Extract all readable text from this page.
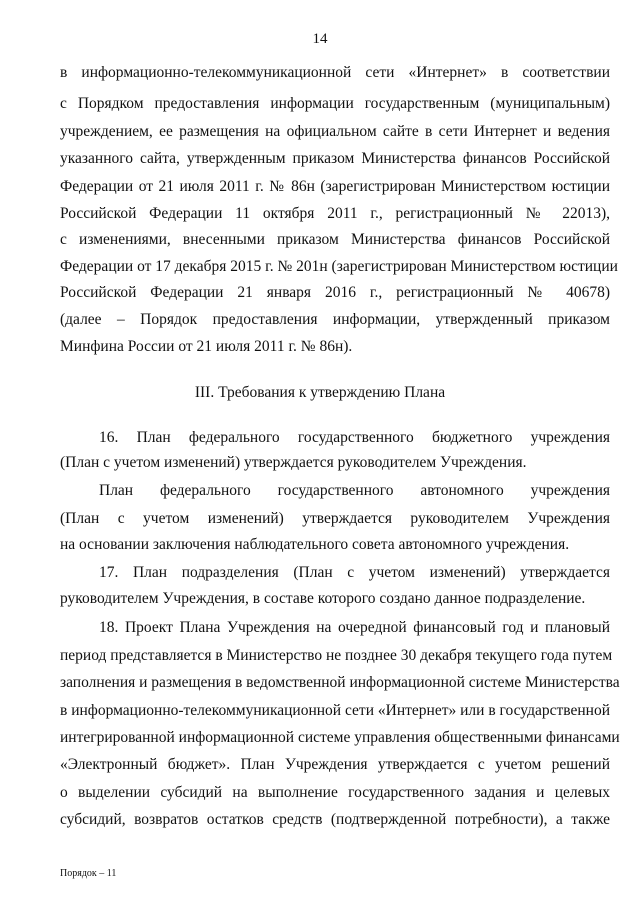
14
в информационно-телекоммуникационной сети «Интернет» в соответствии
с Порядком предоставления информации государственным (муниципальным)
учреждением, ее размещения на официальном сайте в сети Интернет и ведения
указанного сайта, утвержденным приказом Министерства финансов Российской
Федерации от 21 июля 2011 г. № 86н (зарегистрирован Министерством юстиции
Российской Федерации 11 октября 2011 г., регистрационный № 22013),
с изменениями, внесенными приказом Министерства финансов Российской
Федерации от 17 декабря 2015 г. № 201н (зарегистрирован Министерством юстиции
Российской Федерации 21 января 2016 г., регистрационный № 40678)
(далее – Порядок предоставления информации, утвержденный приказом
Минфина России от 21 июля 2011 г. № 86н).
III. Требования к утверждению Плана
16. План федерального государственного бюджетного учреждения
(План с учетом изменений) утверждается руководителем Учреждения.
План федерального государственного автономного учреждения
(План с учетом изменений) утверждается руководителем Учреждения
на основании заключения наблюдательного совета автономного учреждения.
17. План подразделения (План с учетом изменений) утверждается
руководителем Учреждения, в составе которого создано данное подразделение.
18. Проект Плана Учреждения на очередной финансовый год и плановый
период представляется в Министерство не позднее 30 декабря текущего года путем
заполнения и размещения в ведомственной информационной системе Министерства
в информационно-телекоммуникационной сети «Интернет» или в государственной
интегрированной информационной системе управления общественными финансами
«Электронный бюджет». План Учреждения утверждается с учетом решений
о выделении субсидий на выполнение государственного задания и целевых
субсидий, возвратов остатков средств (подтвержденной потребности), а также
Порядок – 11
